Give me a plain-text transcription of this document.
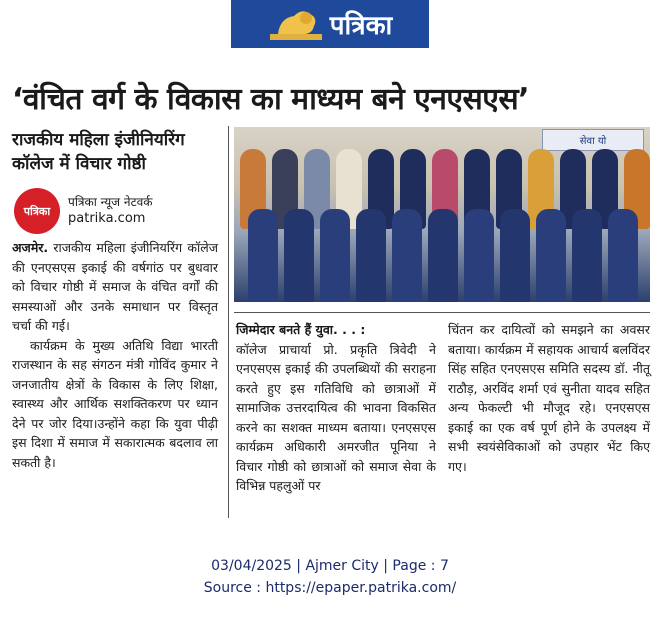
पत्रिका
‘वंचित वर्ग के विकास का माध्यम बने एनएसएस’
राजकीय महिला इंजीनियरिंग कॉलेज में विचार गोष्ठी
पत्रिका
पत्रिका न्यूज नेटवर्क
patrika.com
सेवा यो

अजमेर. राजकीय महिला इंजीनियरिंग कॉलेज की एनएसएस इकाई की वर्षगांठ पर बुधवार को विचार गोष्ठी में समाज के वंचित वर्गों की समस्याओं और उनके समाधान पर विस्तृत चर्चा की गई।

कार्यक्रम के मुख्य अतिथि विद्या भारती राजस्थान के सह संगठन मंत्री गोविंद कुमार ने जनजातीय क्षेत्रों के विकास के लिए शिक्षा, स्वास्थ्य और आर्थिक सशक्तिकरण पर ध्यान देने पर जोर दिया।उन्होंने कहा कि युवा पीढ़ी इस दिशा में समाज में सकारात्मक बदलाव ला सकती है।

जिम्मेदार बनते हैं युवा. . . :

कॉलेज प्राचार्या प्रो. प्रकृति त्रिवेदी ने एनएसएस इकाई की उपलब्धियों की सराहना करते हुए इस गतिविधि को छात्राओं में सामाजिक उत्तरदायित्व की भावना विकसित करने का सशक्त माध्यम बताया। एनएसएस कार्यक्रम अधिकारी अमरजीत पूनिया ने विचार गोष्ठी को छात्राओं को समाज सेवा के विभिन्न पहलुओं पर

चिंतन कर दायित्वों को समझने का अवसर बताया। कार्यक्रम में सहायक आचार्य बलविंदर सिंह सहित एनएसएस समिति सदस्य डॉ. नीतू राठौड़, अरविंद शर्मा एवं सुनीता यादव सहित अन्य फेकल्टी भी मौजूद रहे। एनएसएस इकाई का एक वर्ष पूर्ण होने के उपलक्ष्य में सभी स्वयंसेविकाओं को उपहार भेंट किए गए।

03/04/2025 | Ajmer City | Page : 7
Source : https://epaper.patrika.com/
